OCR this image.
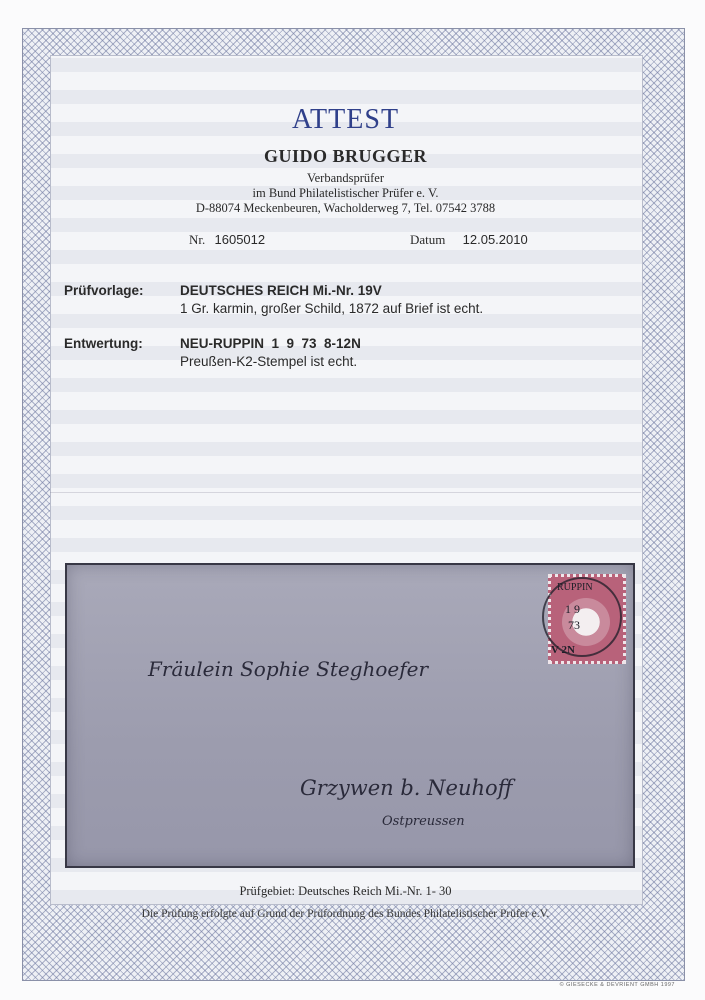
ATTEST
GUIDO BRUGGER
Verbandsprüfer
im Bund Philatelistischer Prüfer e. V.
D-88074 Meckenbeuren, Wacholderweg 7, Tel. 07542 3788
Nr. 1605012	Datum 12.05.2010
Prüfvorlage:	DEUTSCHES REICH Mi.-Nr. 19V
1 Gr. karmin, großer Schild, 1872 auf Brief ist echt.
Entwertung:	NEU-RUPPIN  1  9  73  8-12N
Preußen-K2-Stempel ist echt.
RUPPIN
1 9
73
V 2N
Fräulein Sophie Steghoefer
Grzywen b. Neuhoff
Ostpreussen
Prüfgebiet: Deutsches Reich Mi.-Nr. 1- 30
Die Prüfung erfolgte auf Grund der Prüfordnung des Bundes Philatelistischer Prüfer e.V.
© GIESECKE & DEVRIENT GMBH 1997
